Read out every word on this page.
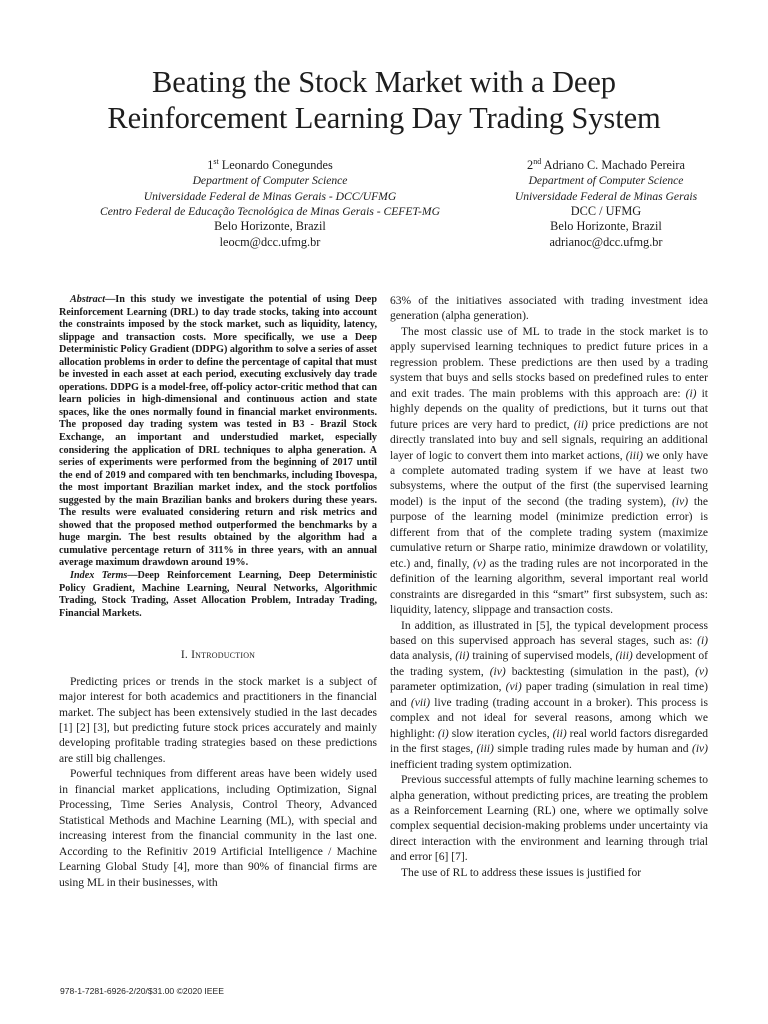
Beating the Stock Market with a Deep
Reinforcement Learning Day Trading System
1st Leonardo Conegundes
Department of Computer Science
Universidade Federal de Minas Gerais - DCC/UFMG
Centro Federal de Educação Tecnológica de Minas Gerais - CEFET-MG
Belo Horizonte, Brazil
leocm@dcc.ufmg.br
2nd Adriano C. Machado Pereira
Department of Computer Science
Universidade Federal de Minas Gerais
DCC / UFMG
Belo Horizonte, Brazil
adrianoc@dcc.ufmg.br

Abstract—In this study we investigate the potential of using Deep Reinforcement Learning (DRL) to day trade stocks, taking into account the constraints imposed by the stock market, such as liquidity, latency, slippage and transaction costs. More specifically, we use a Deep Deterministic Policy Gradient (DDPG) algorithm to solve a series of asset allocation problems in order to define the percentage of capital that must be invested in each asset at each period, executing exclusively day trade operations. DDPG is a model-free, off-policy actor-critic method that can learn policies in high-dimensional and continuous action and state spaces, like the ones normally found in financial market environments. The proposed day trading system was tested in B3 - Brazil Stock Exchange, an important and understudied market, especially considering the application of DRL techniques to alpha generation. A series of experiments were performed from the beginning of 2017 until the end of 2019 and compared with ten benchmarks, including Ibovespa, the most important Brazilian market index, and the stock portfolios suggested by the main Brazilian banks and brokers during these years. The results were evaluated considering return and risk metrics and showed that the proposed method outperformed the benchmarks by a huge margin. The best results obtained by the algorithm had a cumulative percentage return of 311% in three years, with an annual average maximum drawdown around 19%.

Index Terms—Deep Reinforcement Learning, Deep Deterministic Policy Gradient, Machine Learning, Neural Networks, Algorithmic Trading, Stock Trading, Asset Allocation Problem, Intraday Trading, Financial Markets.

I. Introduction

Predicting prices or trends in the stock market is a subject of major interest for both academics and practitioners in the financial market. The subject has been extensively studied in the last decades [1] [2] [3], but predicting future stock prices accurately and mainly developing profitable trading strategies based on these predictions are still big challenges.

Powerful techniques from different areas have been widely used in financial market applications, including Optimization, Signal Processing, Time Series Analysis, Control Theory, Advanced Statistical Methods and Machine Learning (ML), with special and increasing interest from the financial community in the last one. According to the Refinitiv 2019 Artificial Intelligence / Machine Learning Global Study [4], more than 90% of financial firms are using ML in their businesses, with

63% of the initiatives associated with trading investment idea generation (alpha generation).

The most classic use of ML to trade in the stock market is to apply supervised learning techniques to predict future prices in a regression problem. These predictions are then used by a trading system that buys and sells stocks based on predefined rules to enter and exit trades. The main problems with this approach are: (i) it highly depends on the quality of predictions, but it turns out that future prices are very hard to predict, (ii) price predictions are not directly translated into buy and sell signals, requiring an additional layer of logic to convert them into market actions, (iii) we only have a complete automated trading system if we have at least two subsystems, where the output of the first (the supervised learning model) is the input of the second (the trading system), (iv) the purpose of the learning model (minimize prediction error) is different from that of the complete trading system (maximize cumulative return or Sharpe ratio, minimize drawdown or volatility, etc.) and, finally, (v) as the trading rules are not incorporated in the definition of the learning algorithm, several important real world constraints are disregarded in this “smart” first subsystem, such as: liquidity, latency, slippage and transaction costs.

In addition, as illustrated in [5], the typical development process based on this supervised approach has several stages, such as: (i) data analysis, (ii) training of supervised models, (iii) development of the trading system, (iv) backtesting (simulation in the past), (v) parameter optimization, (vi) paper trading (simulation in real time) and (vii) live trading (trading account in a broker). This process is complex and not ideal for several reasons, among which we highlight: (i) slow iteration cycles, (ii) real world factors disregarded in the first stages, (iii) simple trading rules made by human and (iv) inefficient trading system optimization.

Previous successful attempts of fully machine learning schemes to alpha generation, without predicting prices, are treating the problem as a Reinforcement Learning (RL) one, where we optimally solve complex sequential decision-making problems under uncertainty via direct interaction with the environment and learning through trial and error [6] [7].

The use of RL to address these issues is justified for

978-1-7281-6926-2/20/$31.00 ©2020 IEEE
